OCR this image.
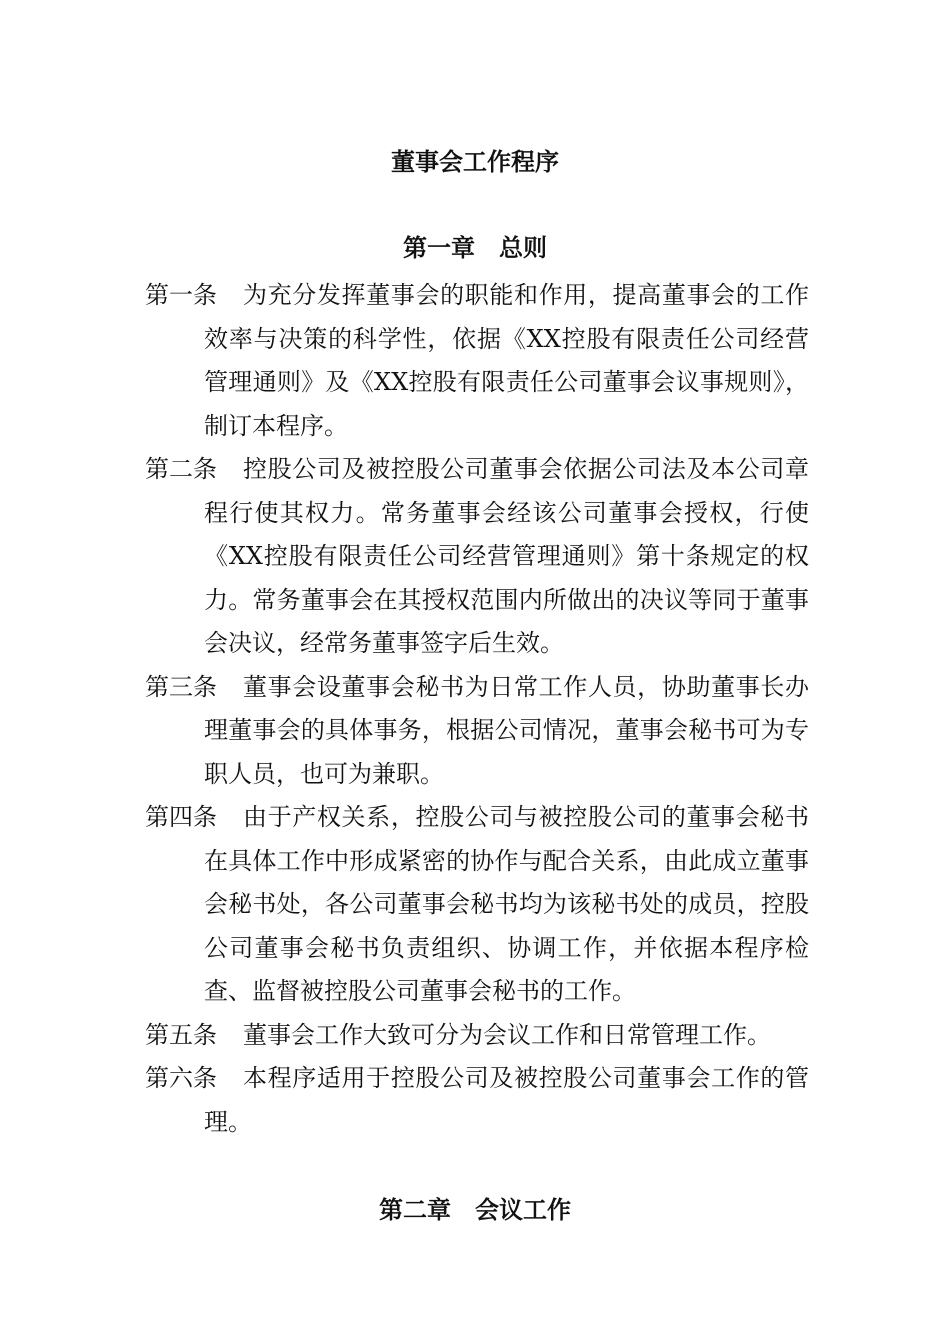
董事会工作程序
第一章　总则

第一条	为充分发挥董事会的职能和作用，提高董事会的工作效率与决策的科学性，依据《XX控股有限责任公司经营管理通则》及《XX控股有限责任公司董事会议事规则》，制订本程序。

第二条	控股公司及被控股公司董事会依据公司法及本公司章程行使其权力。常务董事会经该公司董事会授权，行使《XX控股有限责任公司经营管理通则》第十条规定的权力。常务董事会在其授权范围内所做出的决议等同于董事会决议，经常务董事签字后生效。

第三条	董事会设董事会秘书为日常工作人员，协助董事长办理董事会的具体事务，根据公司情况，董事会秘书可为专职人员，也可为兼职。

第四条	由于产权关系，控股公司与被控股公司的董事会秘书在具体工作中形成紧密的协作与配合关系，由此成立董事会秘书处，各公司董事会秘书均为该秘书处的成员，控股公司董事会秘书负责组织、协调工作，并依据本程序检查、监督被控股公司董事会秘书的工作。

第五条	董事会工作大致可分为会议工作和日常管理工作。

第六条	本程序适用于控股公司及被控股公司董事会工作的管理。

第二章　会议工作
